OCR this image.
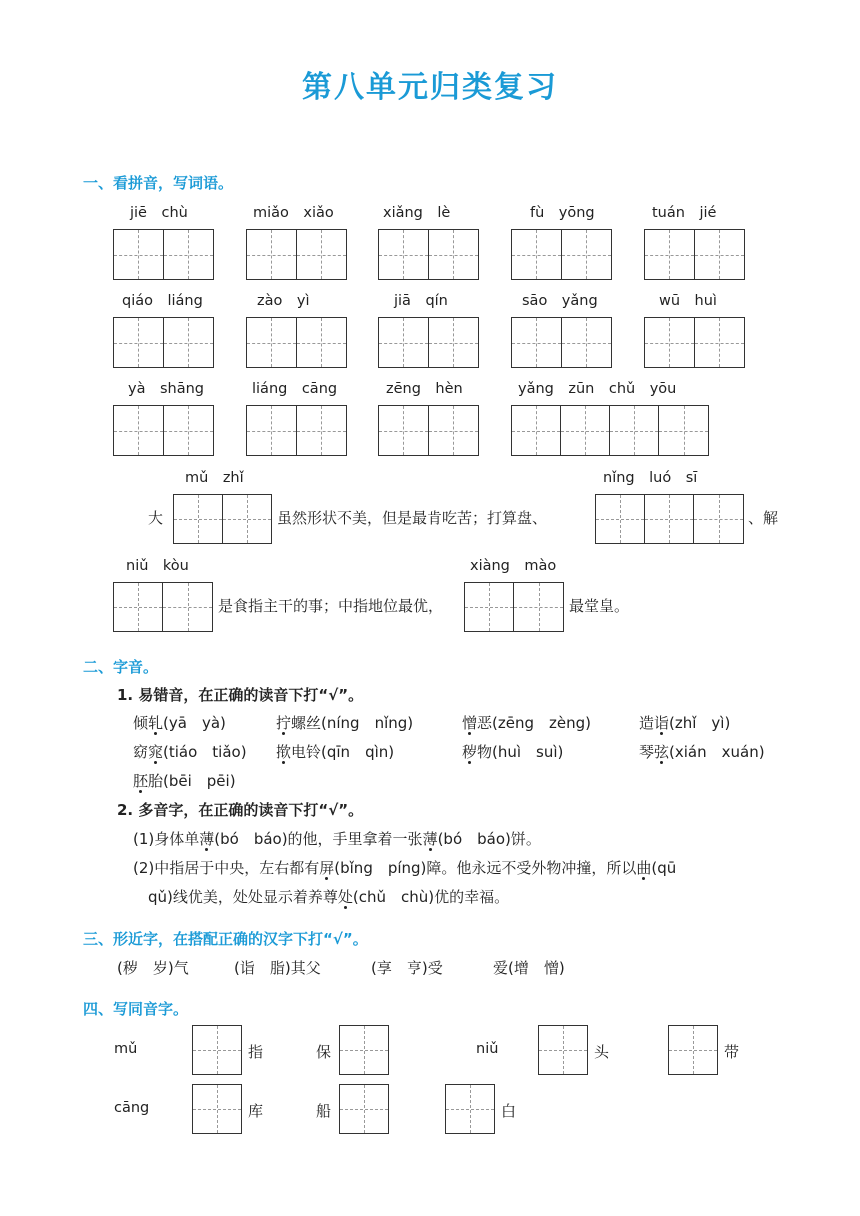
第八单元归类复习
一、看拼音，写词语。
jiē　chù	miǎo　xiǎo	xiǎng　lè	fù　yōng	tuán　jié
qiáo　liáng	zào　yì	jiā　qín	sāo　yǎng	wū　huì
yà　shāng	liáng　cāng	zēng　hèn	yǎng　zūn　chǔ　yōu
mǔ　zhǐ	nǐng　luó　sī
大	虽然形状不美，但是最肯吃苦；打算盘、	、解
niǔ　kòu	xiàng　mào
是食指主干的事；中指地位最优，	最堂皇。
二、字音。
1. 易错音，在正确的读音下打“√”。
倾轧(yā　yà)	拧螺丝(níng　nǐng)	憎恶(zēng　zèng)	造诣(zhǐ　yì)
窈窕(tiáo　tiǎo) 揿电铃(qīn　qìn)	秽物(huì　suì)	琴弦(xián　xuán)
胚胎(bēi　pēi)
2. 多音字，在正确的读音下打“√”。
(1)身体单薄(bó　báo)的他，手里拿着一张薄(bó　báo)饼。
(2)中指居于中央，左右都有屏(bǐng　píng)障。他永远不受外物冲撞，所以曲(qū
qǔ)线优美，处处显示着养尊处(chǔ　chù)优的幸福。
三、形近字，在搭配正确的汉字下打“√”。
(秽　岁)气	(诣　脂)其父	(享　亨)受	爱(增　憎)
四、写同音字。
mǔ	指	保	niǔ	头	带
cāng	库	船	白
